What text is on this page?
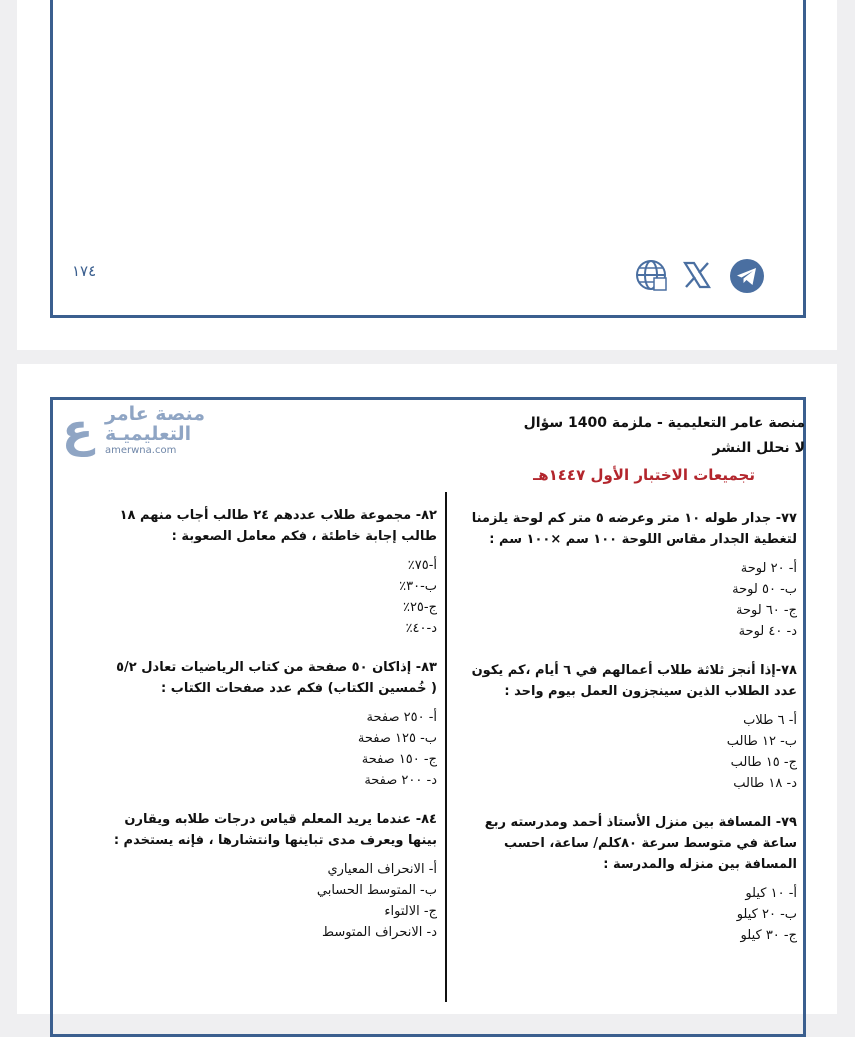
١٧٤
ع منصة عامر
التعليميـة
amerwna.com
منصة عامر التعليمية - ملزمة 1400 سؤال
لا نحلل النشر
تجميعات الاختبار الأول ١٤٤٧هـ

٧٧- جدار طوله ١٠ متر وعرضه ٥ متر كم لوحة يلزمنا لتغطية الجدار مقاس اللوحة ١٠٠ سم ×١٠٠ سم :

أ- ٢٠ لوحة
ب- ٥٠ لوحة
ج- ٦٠ لوحة
د- ٤٠ لوحة

٧٨-إذا أنجز ثلاثة طلاب أعمالهم في ٦ أيام ،كم يكون عدد الطلاب الذين سينجزون العمل بيوم واحد :

أ- ٦ طلاب
ب- ١٢ طالب
ج- ١٥ طالب
د- ١٨ طالب

٧٩- المسافة بين منزل الأستاذ أحمد ومدرسته ربع ساعة في متوسط سرعة ٨٠كلم/ ساعة، احسب المسافة بين منزله والمدرسة :

أ- ١٠ كيلو
ب- ٢٠ كيلو
ج- ٣٠ كيلو

٨٢- مجموعة طلاب عددهم ٢٤ طالب أجاب منهم ١٨ طالب إجابة خاطئة ، فكم معامل الصعوبة :

أ-٧٥٪
ب-٣٠٪
ج-٢٥٪
د-٤٠٪

٨٣- إذاكان ٥٠ صفحة من كتاب الرياضيات تعادل ٥/٢ ( خُمسين الكتاب) فكم عدد صفحات الكتاب :

أ- ٢٥٠ صفحة
ب- ١٢٥ صفحة
ج- ١٥٠ صفحة
د- ٢٠٠ صفحة

٨٤- عندما يريد المعلم قياس درجات طلابه ويقارن بينها ويعرف مدى تباينها وانتشارها ، فإنه يستخدم :

أ- الانحراف المعياري
ب- المتوسط الحسابي
ج- الالتواء
د- الانحراف المتوسط
